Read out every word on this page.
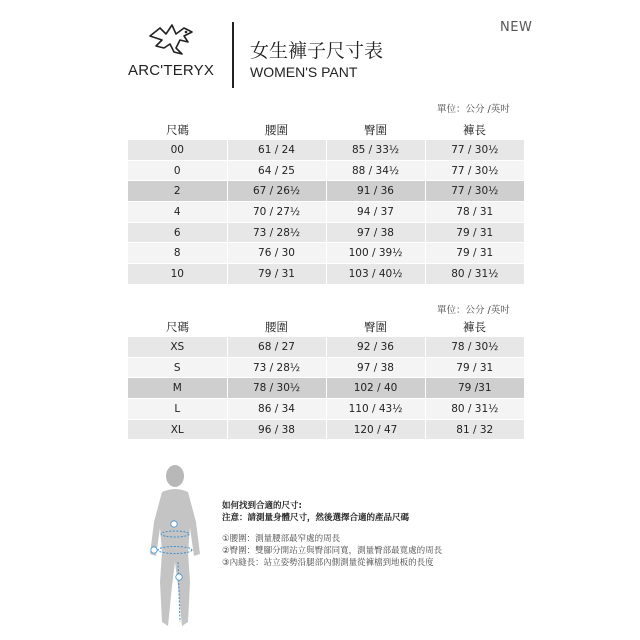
NEW
ARC'TERYX
女生褲子尺寸表
WOMEN'S PANT
單位：公分 /英吋
尺碼	腰圍	臀圍	褲長
00	61 / 24	85 / 33½	77 / 30½
0	64 / 25	88 / 34½	77 / 30½
2	67 / 26½	91 / 36	77 / 30½
4	70 / 27½	94 / 37	78 / 31
6	73 / 28½	97 / 38	79 / 31
8	76 / 30	100 / 39½	79 / 31
10	79 / 31	103 / 40½	80 / 31½
單位：公分 /英吋
尺碼	腰圍	臀圍	褲長
XS	68 / 27	92 / 36	78 / 30½
S	73 / 28½	97 / 38	79 / 31
M	78 / 30½	102 / 40	79 /31
L	86 / 34	110 / 43½	80 / 31½
XL	96 / 38	120 / 47	81 / 32
如何找到合適的尺寸:
注意：請測量身體尺寸，然後選擇合適的產品尺碼
①腰圍：測量腰部最窄處的周長
②臀圍：雙腳分開站立與臀部同寬，測量臀部最寬處的周長
③內縫長：站立姿勢沿腿部內側測量從褲檔到地板的長度
